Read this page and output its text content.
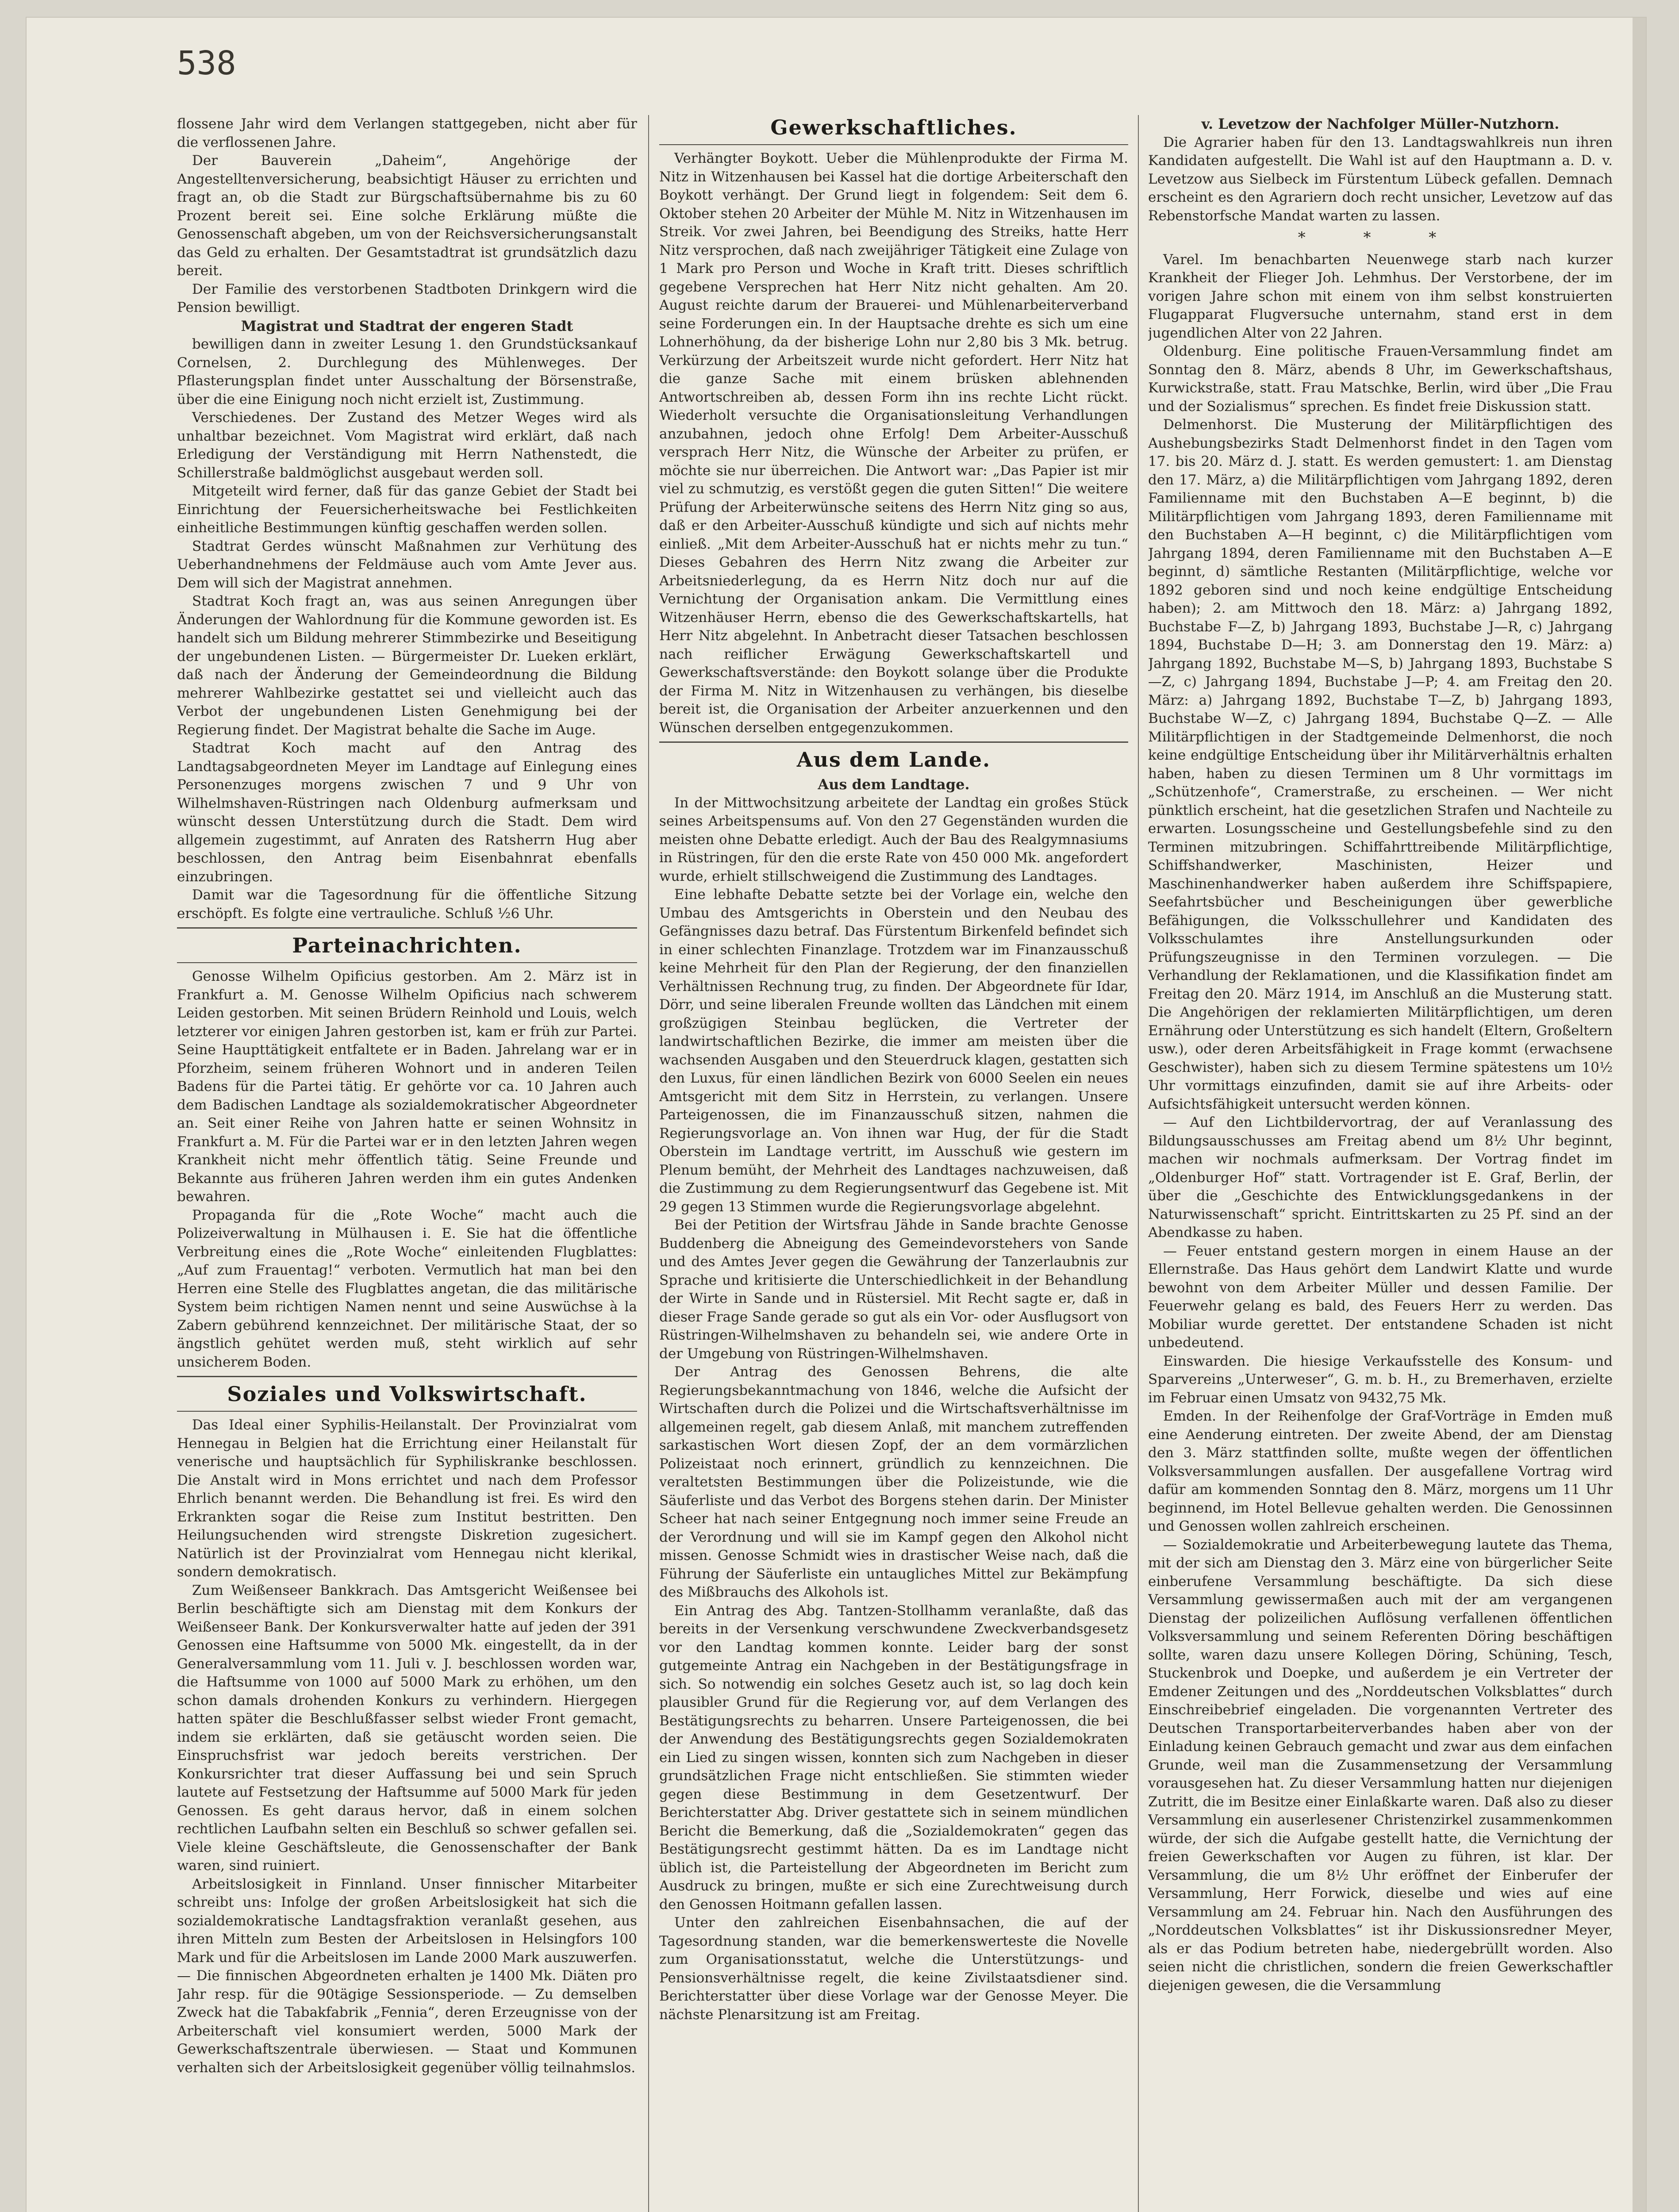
538

flossene Jahr wird dem Verlangen stattgegeben, nicht aber für die verflossenen Jahre.

Der Bauverein „Daheim“, Angehörige der Angestelltenversicherung, beabsichtigt Häuser zu errichten und fragt an, ob die Stadt zur Bürgschaftsübernahme bis zu 60 Prozent bereit sei. Eine solche Erklärung müßte die Genossenschaft abgeben, um von der Reichsversicherungsanstalt das Geld zu erhalten. Der Gesamtstadtrat ist grundsätzlich dazu bereit.

Der Familie des verstorbenen Stadtboten Drinkgern wird die Pension bewilligt.

Magistrat und Stadtrat der engeren Stadt

bewilligen dann in zweiter Lesung 1. den Grundstücksankauf Cornelsen, 2. Durchlegung des Mühlenweges. Der Pflasterungsplan findet unter Ausschaltung der Börsenstraße, über die eine Einigung noch nicht erzielt ist, Zustimmung.

Verschiedenes. Der Zustand des Metzer Weges wird als unhaltbar bezeichnet. Vom Magistrat wird erklärt, daß nach Erledigung der Verständigung mit Herrn Nathenstedt, die Schillerstraße baldmöglichst ausgebaut werden soll.

Mitgeteilt wird ferner, daß für das ganze Gebiet der Stadt bei Einrichtung der Feuersicherheitswache bei Festlichkeiten einheitliche Bestimmungen künftig geschaffen werden sollen.

Stadtrat Gerdes wünscht Maßnahmen zur Verhütung des Ueberhandnehmens der Feldmäuse auch vom Amte Jever aus. Dem will sich der Magistrat annehmen.

Stadtrat Koch fragt an, was aus seinen Anregungen über Änderungen der Wahlordnung für die Kommune geworden ist. Es handelt sich um Bildung mehrerer Stimmbezirke und Beseitigung der ungebundenen Listen. — Bürgermeister Dr. Lueken erklärt, daß nach der Änderung der Gemeindeordnung die Bildung mehrerer Wahlbezirke gestattet sei und vielleicht auch das Verbot der ungebundenen Listen Genehmigung bei der Regierung findet. Der Magistrat behalte die Sache im Auge.

Stadtrat Koch macht auf den Antrag des Landtagsabgeordneten Meyer im Landtage auf Einlegung eines Personenzuges morgens zwischen 7 und 9 Uhr von Wilhelmshaven-Rüstringen nach Oldenburg aufmerksam und wünscht dessen Unterstützung durch die Stadt. Dem wird allgemein zugestimmt, auf Anraten des Ratsherrn Hug aber beschlossen, den Antrag beim Eisenbahnrat ebenfalls einzubringen.

Damit war die Tagesordnung für die öffentliche Sitzung erschöpft. Es folgte eine vertrauliche. Schluß ½6 Uhr.

Parteinachrichten.

Genosse Wilhelm Opificius gestorben. Am 2. März ist in Frankfurt a. M. Genosse Wilhelm Opificius nach schwerem Leiden gestorben. Mit seinen Brüdern Reinhold und Louis, welch letzterer vor einigen Jahren gestorben ist, kam er früh zur Partei. Seine Haupttätigkeit entfaltete er in Baden. Jahrelang war er in Pforzheim, seinem früheren Wohnort und in anderen Teilen Badens für die Partei tätig. Er gehörte vor ca. 10 Jahren auch dem Badischen Landtage als sozialdemokratischer Abgeordneter an. Seit einer Reihe von Jahren hatte er seinen Wohnsitz in Frankfurt a. M. Für die Partei war er in den letzten Jahren wegen Krankheit nicht mehr öffentlich tätig. Seine Freunde und Bekannte aus früheren Jahren werden ihm ein gutes Andenken bewahren.

Propaganda für die „Rote Woche“ macht auch die Polizeiverwaltung in Mülhausen i. E. Sie hat die öffentliche Verbreitung eines die „Rote Woche“ einleitenden Flugblattes: „Auf zum Frauentag!“ verboten. Vermutlich hat man bei den Herren eine Stelle des Flugblattes angetan, die das militärische System beim richtigen Namen nennt und seine Auswüchse à la Zabern gebührend kennzeichnet. Der militärische Staat, der so ängstlich gehütet werden muß, steht wirklich auf sehr unsicherem Boden.

Soziales und Volkswirtschaft.

Das Ideal einer Syphilis-Heilanstalt. Der Provinzialrat vom Hennegau in Belgien hat die Errichtung einer Heilanstalt für venerische und hauptsächlich für Syphiliskranke beschlossen. Die Anstalt wird in Mons errichtet und nach dem Professor Ehrlich benannt werden. Die Behandlung ist frei. Es wird den Erkrankten sogar die Reise zum Institut bestritten. Den Heilungsuchenden wird strengste Diskretion zugesichert. Natürlich ist der Provinzialrat vom Hennegau nicht klerikal, sondern demokratisch.

Zum Weißenseer Bankkrach. Das Amtsgericht Weißensee bei Berlin beschäftigte sich am Dienstag mit dem Konkurs der Weißenseer Bank. Der Konkursverwalter hatte auf jeden der 391 Genossen eine Haftsumme von 5000 Mk. eingestellt, da in der Generalversammlung vom 11. Juli v. J. beschlossen worden war, die Haftsumme von 1000 auf 5000 Mark zu erhöhen, um den schon damals drohenden Konkurs zu verhindern. Hiergegen hatten später die Beschlußfasser selbst wieder Front gemacht, indem sie erklärten, daß sie getäuscht worden seien. Die Einspruchsfrist war jedoch bereits verstrichen. Der Konkursrichter trat dieser Auffassung bei und sein Spruch lautete auf Festsetzung der Haftsumme auf 5000 Mark für jeden Genossen. Es geht daraus hervor, daß in einem solchen rechtlichen Laufbahn selten ein Beschluß so schwer gefallen sei. Viele kleine Geschäftsleute, die Genossenschafter der Bank waren, sind ruiniert.

Arbeitslosigkeit in Finnland. Unser finnischer Mitarbeiter schreibt uns: Infolge der großen Arbeitslosigkeit hat sich die sozialdemokratische Landtagsfraktion veranlaßt gesehen, aus ihren Mitteln zum Besten der Arbeitslosen in Helsingfors 100 Mark und für die Arbeitslosen im Lande 2000 Mark auszuwerfen. — Die finnischen Abgeordneten erhalten je 1400 Mk. Diäten pro Jahr resp. für die 90tägige Sessionsperiode. — Zu demselben Zweck hat die Tabakfabrik „Fennia“, deren Erzeugnisse von der Arbeiterschaft viel konsumiert werden, 5000 Mark der Gewerkschaftszentrale überwiesen. — Staat und Kommunen verhalten sich der Arbeitslosigkeit gegenüber völlig teilnahmslos.

Gewerkschaftliches.

Verhängter Boykott. Ueber die Mühlenprodukte der Firma M. Nitz in Witzenhausen bei Kassel hat die dortige Arbeiterschaft den Boykott verhängt. Der Grund liegt in folgendem: Seit dem 6. Oktober stehen 20 Arbeiter der Mühle M. Nitz in Witzenhausen im Streik. Vor zwei Jahren, bei Beendigung des Streiks, hatte Herr Nitz versprochen, daß nach zweijähriger Tätigkeit eine Zulage von 1 Mark pro Person und Woche in Kraft tritt. Dieses schriftlich gegebene Versprechen hat Herr Nitz nicht gehalten. Am 20. August reichte darum der Brauerei- und Mühlenarbeiterverband seine Forderungen ein. In der Hauptsache drehte es sich um eine Lohnerhöhung, da der bisherige Lohn nur 2,80 bis 3 Mk. betrug. Verkürzung der Arbeitszeit wurde nicht gefordert. Herr Nitz hat die ganze Sache mit einem brüsken ablehnenden Antwortschreiben ab, dessen Form ihn ins rechte Licht rückt. Wiederholt versuchte die Organisationsleitung Verhandlungen anzubahnen, jedoch ohne Erfolg! Dem Arbeiter-Ausschuß versprach Herr Nitz, die Wünsche der Arbeiter zu prüfen, er möchte sie nur überreichen. Die Antwort war: „Das Papier ist mir viel zu schmutzig, es verstößt gegen die guten Sitten!“ Die weitere Prüfung der Arbeiterwünsche seitens des Herrn Nitz ging so aus, daß er den Arbeiter-Ausschuß kündigte und sich auf nichts mehr einließ. „Mit dem Arbeiter-Ausschuß hat er nichts mehr zu tun.“ Dieses Gebahren des Herrn Nitz zwang die Arbeiter zur Arbeitsniederlegung, da es Herrn Nitz doch nur auf die Vernichtung der Organisation ankam. Die Vermittlung eines Witzenhäuser Herrn, ebenso die des Gewerkschaftskartells, hat Herr Nitz abgelehnt. In Anbetracht dieser Tatsachen beschlossen nach reiflicher Erwägung Gewerkschaftskartell und Gewerkschaftsverstände: den Boykott solange über die Produkte der Firma M. Nitz in Witzenhausen zu verhängen, bis dieselbe bereit ist, die Organisation der Arbeiter anzuerkennen und den Wünschen derselben entgegenzukommen.

Aus dem Lande.

Aus dem Landtage.

In der Mittwochsitzung arbeitete der Landtag ein großes Stück seines Arbeitspensums auf. Von den 27 Gegenständen wurden die meisten ohne Debatte erledigt. Auch der Bau des Realgymnasiums in Rüstringen, für den die erste Rate von 450 000 Mk. angefordert wurde, erhielt stillschweigend die Zustimmung des Landtages.

Eine lebhafte Debatte setzte bei der Vorlage ein, welche den Umbau des Amtsgerichts in Oberstein und den Neubau des Gefängnisses dazu betraf. Das Fürstentum Birkenfeld befindet sich in einer schlechten Finanzlage. Trotzdem war im Finanzausschuß keine Mehrheit für den Plan der Regierung, der den finanziellen Verhältnissen Rechnung trug, zu finden. Der Abgeordnete für Idar, Dörr, und seine liberalen Freunde wollten das Ländchen mit einem großzügigen Steinbau beglücken, die Vertreter der landwirtschaftlichen Bezirke, die immer am meisten über die wachsenden Ausgaben und den Steuerdruck klagen, gestatten sich den Luxus, für einen ländlichen Bezirk von 6000 Seelen ein neues Amtsgericht mit dem Sitz in Herrstein, zu verlangen. Unsere Parteigenossen, die im Finanzausschuß sitzen, nahmen die Regierungsvorlage an. Von ihnen war Hug, der für die Stadt Oberstein im Landtage vertritt, im Ausschuß wie gestern im Plenum bemüht, der Mehrheit des Landtages nachzuweisen, daß die Zustimmung zu dem Regierungsentwurf das Gegebene ist. Mit 29 gegen 13 Stimmen wurde die Regierungsvorlage abgelehnt.

Bei der Petition der Wirtsfrau Jähde in Sande brachte Genosse Buddenberg die Abneigung des Gemeindevorstehers von Sande und des Amtes Jever gegen die Gewährung der Tanzerlaubnis zur Sprache und kritisierte die Unterschiedlichkeit in der Behandlung der Wirte in Sande und in Rüstersiel. Mit Recht sagte er, daß in dieser Frage Sande gerade so gut als ein Vor- oder Ausflugsort von Rüstringen-Wilhelmshaven zu behandeln sei, wie andere Orte in der Umgebung von Rüstringen-Wilhelmshaven.

Der Antrag des Genossen Behrens, die alte Regierungsbekanntmachung von 1846, welche die Aufsicht der Wirtschaften durch die Polizei und die Wirtschaftsverhältnisse im allgemeinen regelt, gab diesem Anlaß, mit manchem zutreffenden sarkastischen Wort diesen Zopf, der an dem vormärzlichen Polizeistaat noch erinnert, gründlich zu kennzeichnen. Die veraltetsten Bestimmungen über die Polizeistunde, wie die Säuferliste und das Verbot des Borgens stehen darin. Der Minister Scheer hat nach seiner Entgegnung noch immer seine Freude an der Verordnung und will sie im Kampf gegen den Alkohol nicht missen. Genosse Schmidt wies in drastischer Weise nach, daß die Führung der Säuferliste ein untaugliches Mittel zur Bekämpfung des Mißbrauchs des Alkohols ist.

Ein Antrag des Abg. Tantzen-Stollhamm veranlaßte, daß das bereits in der Versenkung verschwundene Zweckverbandsgesetz vor den Landtag kommen konnte. Leider barg der sonst gutgemeinte Antrag ein Nachgeben in der Bestätigungsfrage in sich. So notwendig ein solches Gesetz auch ist, so lag doch kein plausibler Grund für die Regierung vor, auf dem Verlangen des Bestätigungsrechts zu beharren. Unsere Parteigenossen, die bei der Anwendung des Bestätigungsrechts gegen Sozialdemokraten ein Lied zu singen wissen, konnten sich zum Nachgeben in dieser grundsätzlichen Frage nicht entschließen. Sie stimmten wieder gegen diese Bestimmung in dem Gesetzentwurf. Der Berichterstatter Abg. Driver gestattete sich in seinem mündlichen Bericht die Bemerkung, daß die „Sozialdemokraten“ gegen das Bestätigungsrecht gestimmt hätten. Da es im Landtage nicht üblich ist, die Parteistellung der Abgeordneten im Bericht zum Ausdruck zu bringen, mußte er sich eine Zurechtweisung durch den Genossen Hoitmann gefallen lassen.

Unter den zahlreichen Eisenbahnsachen, die auf der Tagesordnung standen, war die bemerkenswerteste die Novelle zum Organisationsstatut, welche die Unterstützungs- und Pensionsverhältnisse regelt, die keine Zivilstaatsdiener sind. Berichterstatter über diese Vorlage war der Genosse Meyer. Die nächste Plenarsitzung ist am Freitag.

v. Levetzow der Nachfolger Müller-Nutzhorn.

Die Agrarier haben für den 13. Landtagswahlkreis nun ihren Kandidaten aufgestellt. Die Wahl ist auf den Hauptmann a. D. v. Levetzow aus Sielbeck im Fürstentum Lübeck gefallen. Demnach erscheint es den Agrariern doch recht unsicher, Levetzow auf das Rebenstorfsche Mandat warten zu lassen.

* * *

Varel. Im benachbarten Neuenwege starb nach kurzer Krankheit der Flieger Joh. Lehmhus. Der Verstorbene, der im vorigen Jahre schon mit einem von ihm selbst konstruierten Flugapparat Flugversuche unternahm, stand erst in dem jugendlichen Alter von 22 Jahren.

Oldenburg. Eine politische Frauen-Versammlung findet am Sonntag den 8. März, abends 8 Uhr, im Gewerkschaftshaus, Kurwickstraße, statt. Frau Matschke, Berlin, wird über „Die Frau und der Sozialismus“ sprechen. Es findet freie Diskussion statt.

Delmenhorst. Die Musterung der Militärpflichtigen des Aushebungsbezirks Stadt Delmenhorst findet in den Tagen vom 17. bis 20. März d. J. statt. Es werden gemustert: 1. am Dienstag den 17. März, a) die Militärpflichtigen vom Jahrgang 1892, deren Familienname mit den Buchstaben A—E beginnt, b) die Militärpflichtigen vom Jahrgang 1893, deren Familienname mit den Buchstaben A—H beginnt, c) die Militärpflichtigen vom Jahrgang 1894, deren Familienname mit den Buchstaben A—E beginnt, d) sämtliche Restanten (Militärpflichtige, welche vor 1892 geboren sind und noch keine endgültige Entscheidung haben); 2. am Mittwoch den 18. März: a) Jahrgang 1892, Buchstabe F—Z, b) Jahrgang 1893, Buchstabe J—R, c) Jahrgang 1894, Buchstabe D—H; 3. am Donnerstag den 19. März: a) Jahrgang 1892, Buchstabe M—S, b) Jahrgang 1893, Buchstabe S—Z, c) Jahrgang 1894, Buchstabe J—P; 4. am Freitag den 20. März: a) Jahrgang 1892, Buchstabe T—Z, b) Jahrgang 1893, Buchstabe W—Z, c) Jahrgang 1894, Buchstabe Q—Z. — Alle Militärpflichtigen in der Stadtgemeinde Delmenhorst, die noch keine endgültige Entscheidung über ihr Militärverhältnis erhalten haben, haben zu diesen Terminen um 8 Uhr vormittags im „Schützenhofe“, Cramerstraße, zu erscheinen. — Wer nicht pünktlich erscheint, hat die gesetzlichen Strafen und Nachteile zu erwarten. Losungsscheine und Gestellungsbefehle sind zu den Terminen mitzubringen. Schiffahrttreibende Militärpflichtige, Schiffshandwerker, Maschinisten, Heizer und Maschinenhandwerker haben außerdem ihre Schiffspapiere, Seefahrtsbücher und Bescheinigungen über gewerbliche Befähigungen, die Volksschullehrer und Kandidaten des Volksschulamtes ihre Anstellungsurkunden oder Prüfungszeugnisse in den Terminen vorzulegen. — Die Verhandlung der Reklamationen, und die Klassifikation findet am Freitag den 20. März 1914, im Anschluß an die Musterung statt. Die Angehörigen der reklamierten Militärpflichtigen, um deren Ernährung oder Unterstützung es sich handelt (Eltern, Großeltern usw.), oder deren Arbeitsfähigkeit in Frage kommt (erwachsene Geschwister), haben sich zu diesem Termine spätestens um 10½ Uhr vormittags einzufinden, damit sie auf ihre Arbeits- oder Aufsichtsfähigkeit untersucht werden können.

— Auf den Lichtbildervortrag, der auf Veranlassung des Bildungsausschusses am Freitag abend um 8½ Uhr beginnt, machen wir nochmals aufmerksam. Der Vortrag findet im „Oldenburger Hof“ statt. Vortragender ist E. Graf, Berlin, der über die „Geschichte des Entwicklungsgedankens in der Naturwissenschaft“ spricht. Eintrittskarten zu 25 Pf. sind an der Abendkasse zu haben.

— Feuer entstand gestern morgen in einem Hause an der Ellernstraße. Das Haus gehört dem Landwirt Klatte und wurde bewohnt von dem Arbeiter Müller und dessen Familie. Der Feuerwehr gelang es bald, des Feuers Herr zu werden. Das Mobiliar wurde gerettet. Der entstandene Schaden ist nicht unbedeutend.

Einswarden. Die hiesige Verkaufsstelle des Konsum- und Sparvereins „Unterweser“, G. m. b. H., zu Bremerhaven, erzielte im Februar einen Umsatz von 9432,75 Mk.

Emden. In der Reihenfolge der Graf-Vorträge in Emden muß eine Aenderung eintreten. Der zweite Abend, der am Dienstag den 3. März stattfinden sollte, mußte wegen der öffentlichen Volksversammlungen ausfallen. Der ausgefallene Vortrag wird dafür am kommenden Sonntag den 8. März, morgens um 11 Uhr beginnend, im Hotel Bellevue gehalten werden. Die Genossinnen und Genossen wollen zahlreich erscheinen.

— Sozialdemokratie und Arbeiterbewegung lautete das Thema, mit der sich am Dienstag den 3. März eine von bürgerlicher Seite einberufene Versammlung beschäftigte. Da sich diese Versammlung gewissermaßen auch mit der am vergangenen Dienstag der polizeilichen Auflösung verfallenen öffentlichen Volksversammlung und seinem Referenten Döring beschäftigen sollte, waren dazu unsere Kollegen Döring, Schüning, Tesch, Stuckenbrok und Doepke, und außerdem je ein Vertreter der Emdener Zeitungen und des „Norddeutschen Volksblattes“ durch Einschreibebrief eingeladen. Die vorgenannten Vertreter des Deutschen Transportarbeiterverbandes haben aber von der Einladung keinen Gebrauch gemacht und zwar aus dem einfachen Grunde, weil man die Zusammensetzung der Versammlung vorausgesehen hat. Zu dieser Versammlung hatten nur diejenigen Zutritt, die im Besitze einer Einlaßkarte waren. Daß also zu dieser Versammlung ein auserlesener Christenzirkel zusammenkommen würde, der sich die Aufgabe gestellt hatte, die Vernichtung der freien Gewerkschaften vor Augen zu führen, ist klar. Der Versammlung, die um 8½ Uhr eröffnet der Einberufer der Versammlung, Herr Forwick, dieselbe und wies auf eine Versammlung am 24. Februar hin. Nach den Ausführungen des „Norddeutschen Volksblattes“ ist ihr Diskussionsredner Meyer, als er das Podium betreten habe, niedergebrüllt worden. Also seien nicht die christlichen, sondern die freien Gewerkschaftler diejenigen gewesen, die die Versammlung
